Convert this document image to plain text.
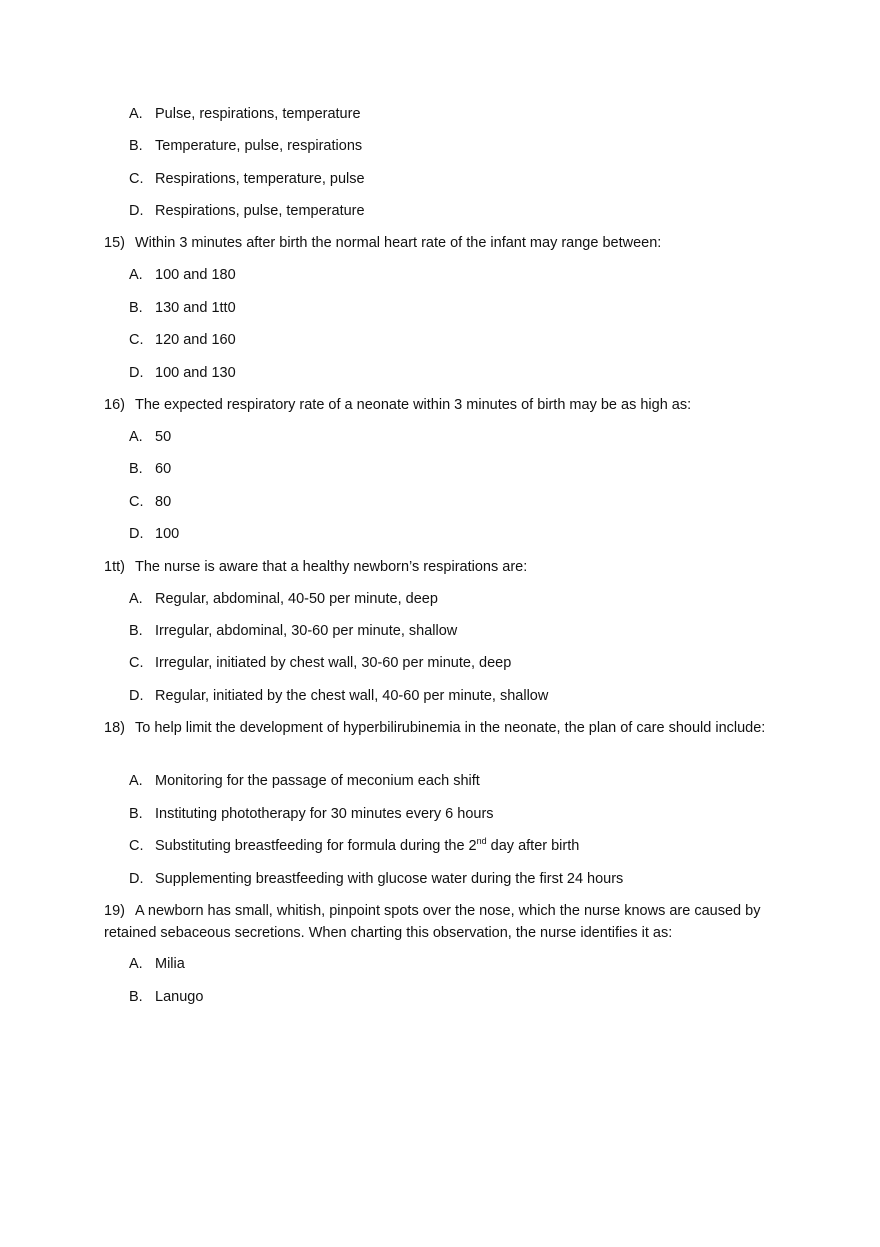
A. Pulse, respirations, temperature
B. Temperature, pulse, respirations
C. Respirations, temperature, pulse
D. Respirations, pulse, temperature
15) Within 3 minutes after birth the normal heart rate of the infant may range between:
A. 100 and 180
B. 130 and 1tt0
C. 120 and 160
D. 100 and 130
16) The expected respiratory rate of a neonate within 3 minutes of birth may be as high as:
A. 50
B. 60
C. 80
D. 100
1tt) The nurse is aware that a healthy newborn’s respirations are:
A. Regular, abdominal, 40-50 per minute, deep
B. Irregular, abdominal, 30-60 per minute, shallow
C. Irregular, initiated by chest wall, 30-60 per minute, deep
D. Regular, initiated by the chest wall, 40-60 per minute, shallow
18) To help limit the development of hyperbilirubinemia in the neonate, the plan of care should include:
A. Monitoring for the passage of meconium each shift
B. Instituting phototherapy for 30 minutes every 6 hours
C. Substituting breastfeeding for formula during the 2nd day after birth
D. Supplementing breastfeeding with glucose water during the first 24 hours
19) A newborn has small, whitish, pinpoint spots over the nose, which the nurse knows are caused by retained sebaceous secretions. When charting this observation, the nurse identifies it as:
A. Milia
B. Lanugo
